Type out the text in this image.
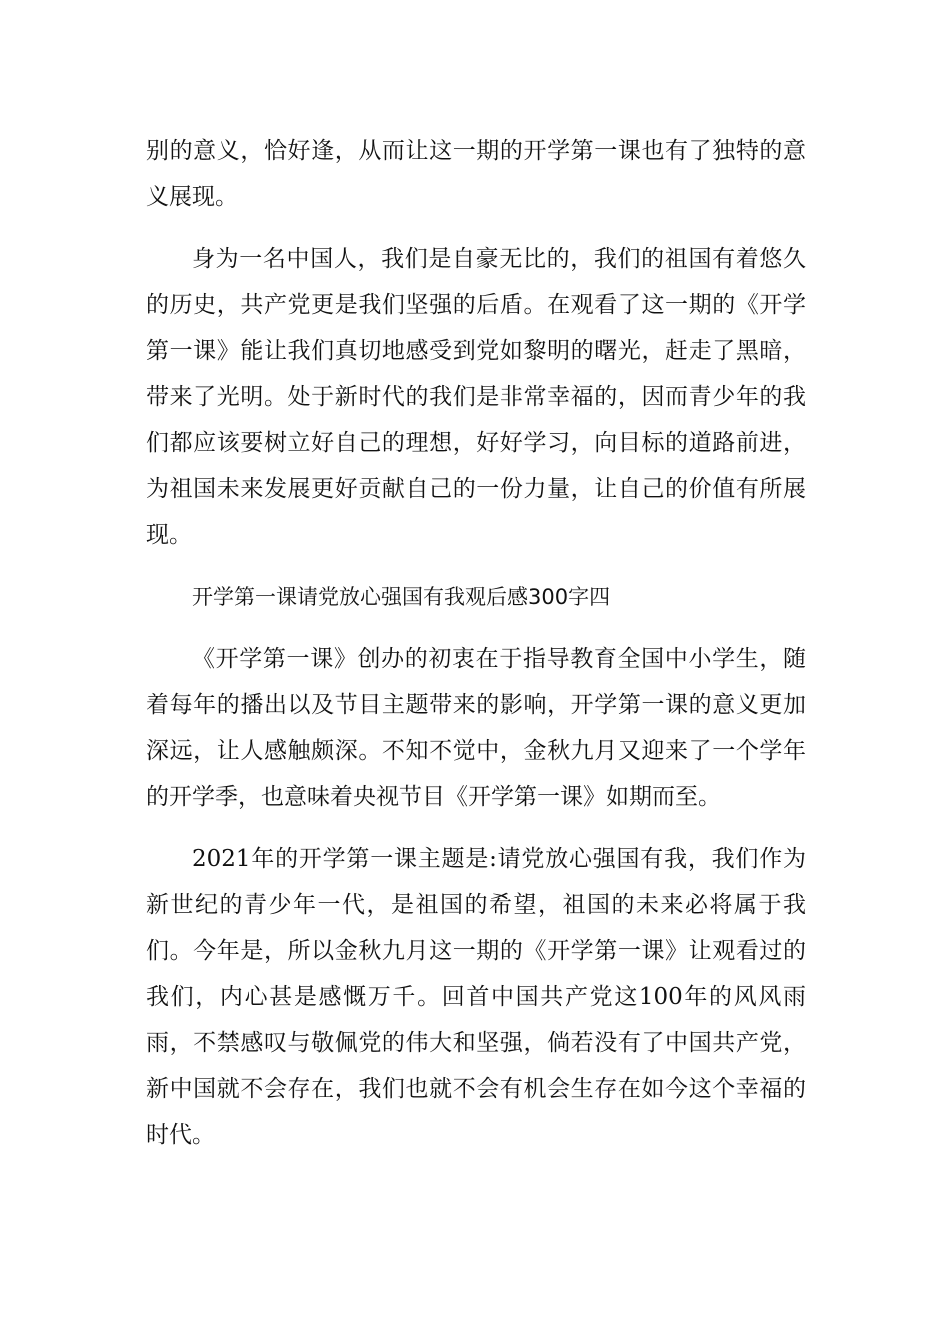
别的意义，恰好逢，从而让这一期的开学第一课也有了独特的意义展现。

身为一名中国人，我们是自豪无比的，我们的祖国有着悠久的历史，共产党更是我们坚强的后盾。在观看了这一期的《开学第一课》能让我们真切地感受到党如黎明的曙光，赶走了黑暗，带来了光明。处于新时代的我们是非常幸福的，因而青少年的我们都应该要树立好自己的理想，好好学习，向目标的道路前进，为祖国未来发展更好贡献自己的一份力量，让自己的价值有所展现。

开学第一课请党放心强国有我观后感300字四

《开学第一课》创办的初衷在于指导教育全国中小学生，随着每年的播出以及节目主题带来的影响，开学第一课的意义更加深远，让人感触颇深。不知不觉中，金秋九月又迎来了一个学年的开学季，也意味着央视节目《开学第一课》如期而至。

2021年的开学第一课主题是:请党放心强国有我，我们作为新世纪的青少年一代，是祖国的希望，祖国的未来必将属于我们。今年是，所以金秋九月这一期的《开学第一课》让观看过的我们，内心甚是感慨万千。回首中国共产党这100年的风风雨雨，不禁感叹与敬佩党的伟大和坚强，倘若没有了中国共产党，新中国就不会存在，我们也就不会有机会生存在如今这个幸福的时代。
